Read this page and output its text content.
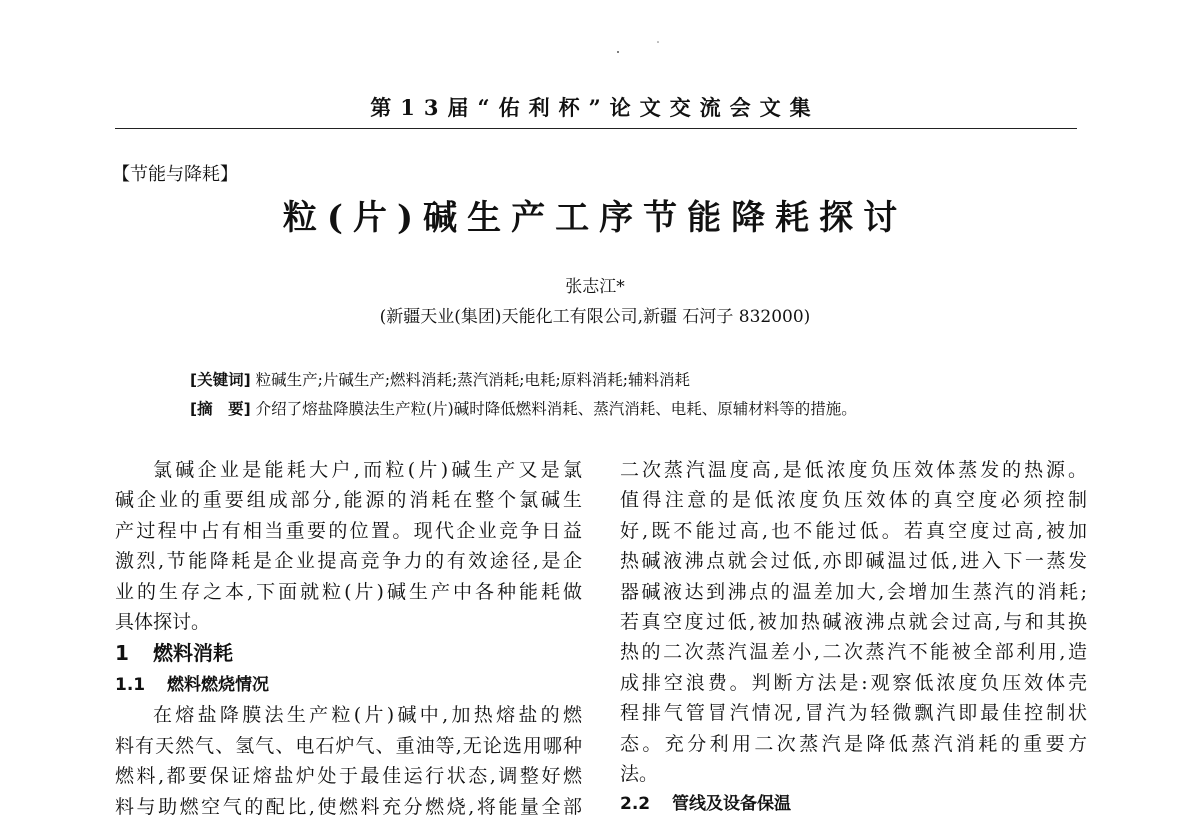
第13届“佑利杯”论文交流会文集
【节能与降耗】
粒(片)碱生产工序节能降耗探讨
张志江*
(新疆天业(集团)天能化工有限公司,新疆 石河子 832000)
[关键词] 粒碱生产;片碱生产;燃料消耗;蒸汽消耗;电耗;原料消耗;辅料消耗
[摘　要] 介绍了熔盐降膜法生产粒(片)碱时降低燃料消耗、蒸汽消耗、电耗、原辅材料等的措施。
氯碱企业是能耗大户,而粒(片)碱生产又是氯
碱企业的重要组成部分,能源的消耗在整个氯碱生
产过程中占有相当重要的位置。现代企业竞争日益
激烈,节能降耗是企业提高竞争力的有效途径,是企
业的生存之本,下面就粒(片)碱生产中各种能耗做
具体探讨。
1 燃料消耗
1.1 燃料燃烧情况
在熔盐降膜法生产粒(片)碱中,加热熔盐的燃
料有天然气、氢气、电石炉气、重油等,无论选用哪种
燃料,都要保证熔盐炉处于最佳运行状态,调整好燃
料与助燃空气的配比,使燃料充分燃烧,将能量全部
二次蒸汽温度高,是低浓度负压效体蒸发的热源。
值得注意的是低浓度负压效体的真空度必须控制
好,既不能过高,也不能过低。若真空度过高,被加
热碱液沸点就会过低,亦即碱温过低,进入下一蒸发
器碱液达到沸点的温差加大,会增加生蒸汽的消耗;
若真空度过低,被加热碱液沸点就会过高,与和其换
热的二次蒸汽温差小,二次蒸汽不能被全部利用,造
成排空浪费。判断方法是:观察低浓度负压效体壳
程排气管冒汽情况,冒汽为轻微飘汽即最佳控制状
态。充分利用二次蒸汽是降低蒸汽消耗的重要方
法。
2.2 管线及设备保温
